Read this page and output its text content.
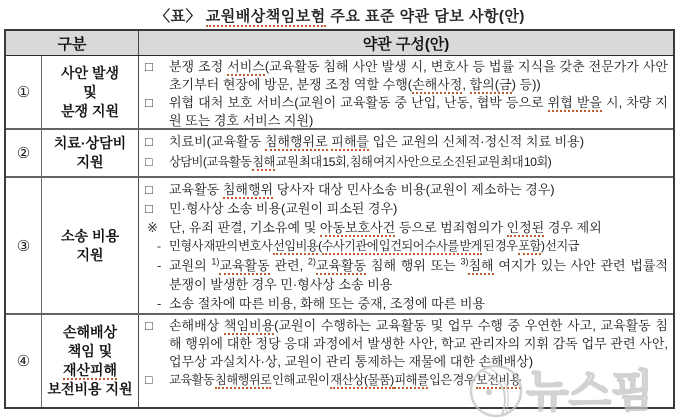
〈표〉 교원배상책임보험 주요 표준 약관 담보 사항(안)
구분	약관 구성(안)
①
사안 발생
및
분쟁 지원
□ 분쟁 조정 서비스(교육활동 침해 사안 발생 시, 변호사 등 법률 지식을 갖춘 전문가가 사안 초기부터 현장에 방문, 분쟁 조정 역할 수행(손해사정, 합의(금) 등))
□ 위협 대처 보호 서비스(교원이 교육활동 중 난입, 난동, 협박 등으로 위협 받을 시, 차량 지원 또는 경호 서비스 지원)
②
치료·상담비
지원
□ 치료비(교육활동 침해행위로 피해를 입은 교원의 신체적·정신적 치료 비용)
□ 상담비(교육활동 침해 교원 최대 15회, 침해 여지 사안으로 소진된 교원 최대 10회)
③
소송 비용
지원
□ 교육활동 침해행위 당사자 대상 민사소송 비용(교원이 제소하는 경우)
□ 민·형사상 소송 비용(교원이 피소된 경우)
※ 단, 유죄 판결, 기소유예 및 아동보호사건 등으로 범죄혐의가 인정된 경우 제외
- 민형사 재판의 변호사 선임비용(수사기관에 입건되어 수사를 받게 된 경우 포함) 선지급
- 교원의 $^{1)}$교육활동 관련, $^{2)}$교육활동 침해 행위 또는 $^{3)}$침해 여지가 있는 사안 관련 법률적 분쟁이 발생한 경우 민·형사상 소송 비용
- 소송 절차에 따른 비용, 화해 또는 중재, 조정에 따른 비용
④
손해배상
책임 및
재산피해
보전비용 지원
□ 손해배상 책임비용(교원이 수행하는 교육활동 및 업무 수행 중 우연한 사고, 교육활동 침해 행위에 대한 정당 응대 과정에서 발생한 사안, 학교 관리자의 지휘 감독 업무 관련 사안, 업무상 과실치사·상, 교원이 관리 통제하는 재물에 대한 손해배상)
□ 교육활동 침해행위로 인해 교원이 재산상(물품) 피해를 입은 경우 보전비용 뉴스핌
